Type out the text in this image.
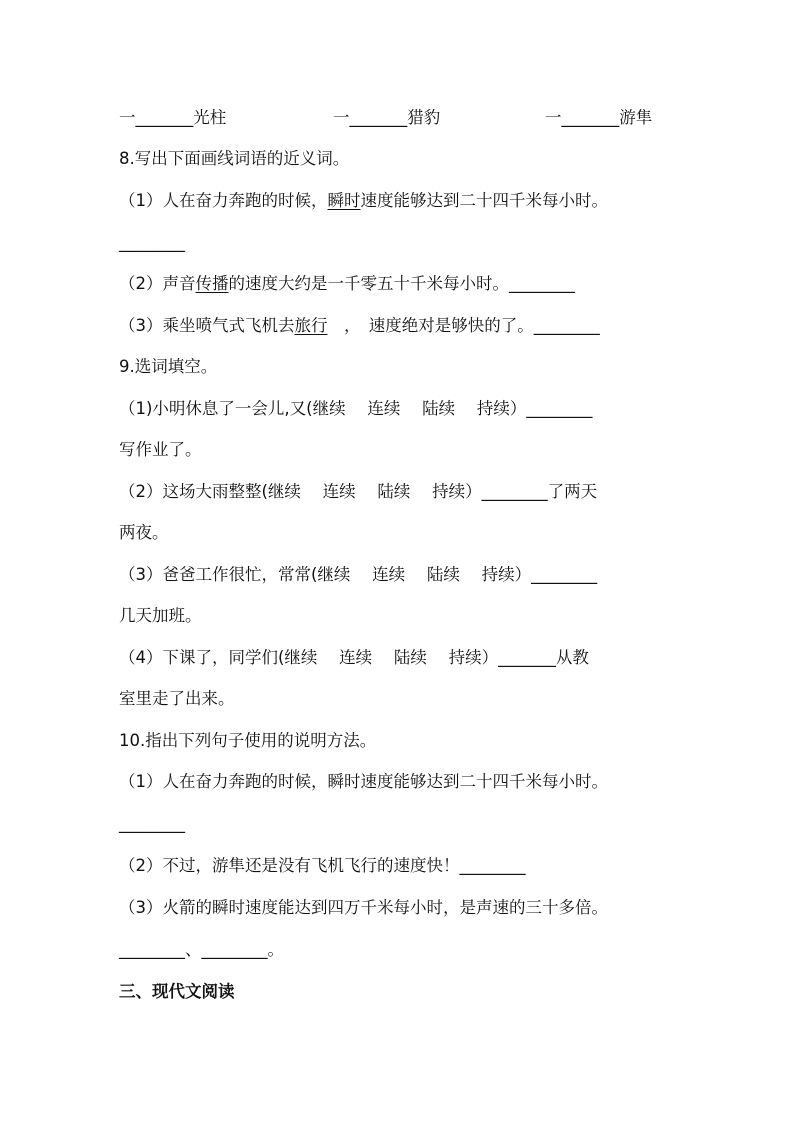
一_______光柱	一_______猎豹	一_______游隼
8.写出下面画线词语的近义词。
（1）人在奋力奔跑的时候，瞬时速度能够达到二十四千米每小时。
________
（2）声音传播的速度大约是一千零五十千米每小时。________
（3）乘坐喷气式飞机去旅行　，　速度绝对是够快的了。________
9.选词填空。
（1)小明休息了一会儿,又(继续　 连续　 陆续　 持续）________
写作业了。
（2）这场大雨整整(继续　 连续　 陆续　 持续）________了两天
两夜。
（3）爸爸工作很忙，常常(继续　 连续　 陆续　 持续）________
几天加班。
（4）下课了，同学们(继续　 连续　 陆续　 持续）_______从教
室里走了出来。
10.指出下列句子使用的说明方法。
（1）人在奋力奔跑的时候，瞬时速度能够达到二十四千米每小时。
________
（2）不过，游隼还是没有飞机飞行的速度快！________
（3）火箭的瞬时速度能达到四万千米每小时，是声速的三十多倍。
________、________。
三、现代文阅读
